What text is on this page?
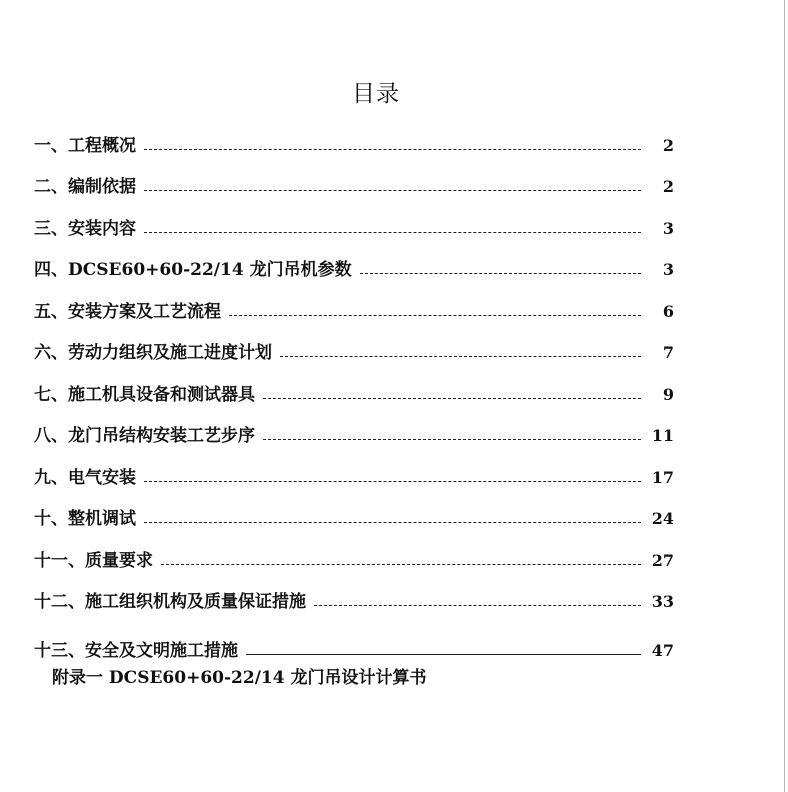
目录
一、工程概况	2
二、编制依据	2
三、安装内容	3
四、DCSE60+60-22/14 龙门吊机参数	3
五、安装方案及工艺流程	6
六、劳动力组织及施工进度计划	7
七、施工机具设备和测试器具	9
八、龙门吊结构安装工艺步序	11
九、电气安装	17
十、整机调试	24
十一、质量要求	27
十二、施工组织机构及质量保证措施	33
十三、安全及文明施工措施	47
附录一 DCSE60+60-22/14 龙门吊设计计算书
